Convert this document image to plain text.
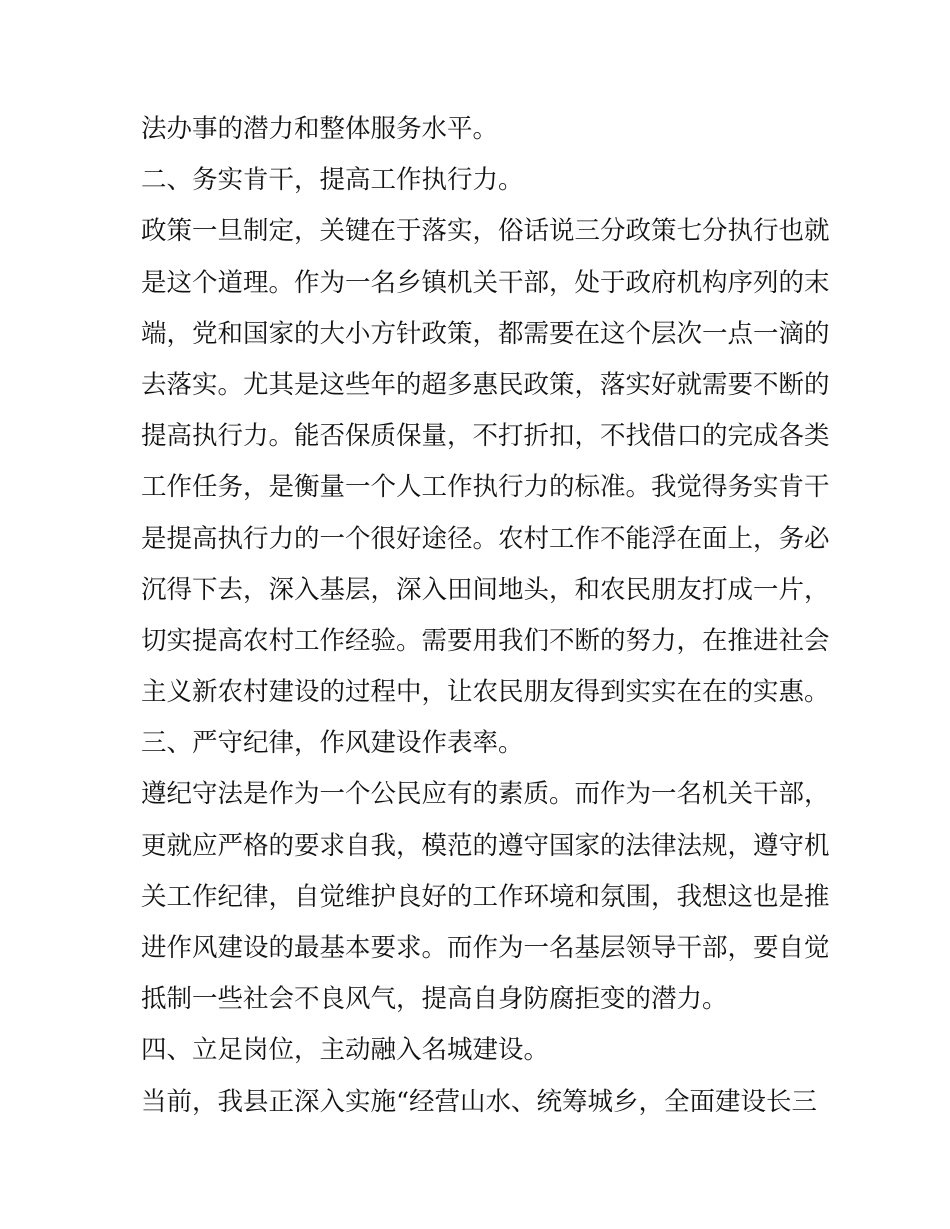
法办事的潜力和整体服务水平。
二、务实肯干，提高工作执行力。
政策一旦制定，关键在于落实，俗话说三分政策七分执行也就
是这个道理。作为一名乡镇机关干部，处于政府机构序列的末
端，党和国家的大小方针政策，都需要在这个层次一点一滴的
去落实。尤其是这些年的超多惠民政策，落实好就需要不断的
提高执行力。能否保质保量，不打折扣，不找借口的完成各类
工作任务，是衡量一个人工作执行力的标准。我觉得务实肯干
是提高执行力的一个很好途径。农村工作不能浮在面上，务必
沉得下去，深入基层，深入田间地头，和农民朋友打成一片，
切实提高农村工作经验。需要用我们不断的努力，在推进社会
主义新农村建设的过程中，让农民朋友得到实实在在的实惠。
三、严守纪律，作风建设作表率。
遵纪守法是作为一个公民应有的素质。而作为一名机关干部，
更就应严格的要求自我，模范的遵守国家的法律法规，遵守机
关工作纪律，自觉维护良好的工作环境和氛围，我想这也是推
进作风建设的最基本要求。而作为一名基层领导干部，要自觉
抵制一些社会不良风气，提高自身防腐拒变的潜力。
四、立足岗位，主动融入名城建设。
当前，我县正深入实施“经营山水、统筹城乡，全面建设长三
